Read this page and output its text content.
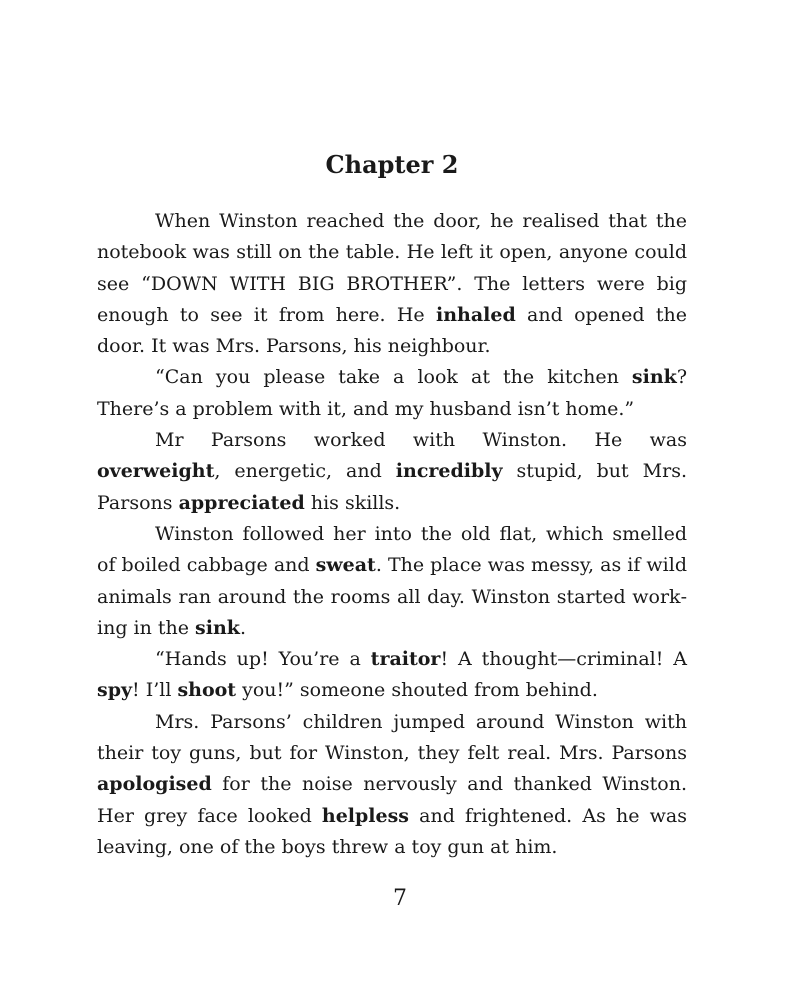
Chapter 2

When Winston reached the door, he realised that the notebook was still on the table. He left it open, anyone could see “DOWN WITH BIG BROTHER”. The letters were big enough to see it from here. He inhaled and opened the door. It was Mrs. Parsons, his neighbour.

“Can you please take a look at the kitchen sink? There’s a problem with it, and my husband isn’t home.”

Mr Parsons worked with Winston. He was overweight, energetic, and incredibly stupid, but Mrs. Parsons appreciated his skills.

Winston followed her into the old flat, which smelled of boiled cabbage and sweat. The place was messy, as if wild animals ran around the rooms all day. Winston started working in the sink.

“Hands up! You’re a traitor! A thought—criminal! A spy! I’ll shoot you!” someone shouted from behind.

Mrs. Parsons’ children jumped around Winston with their toy guns, but for Winston, they felt real. Mrs. Parsons apologised for the noise nervously and thanked Winston. Her grey face looked helpless and frightened. As he was leaving, one of the boys threw a toy gun at him.

7
